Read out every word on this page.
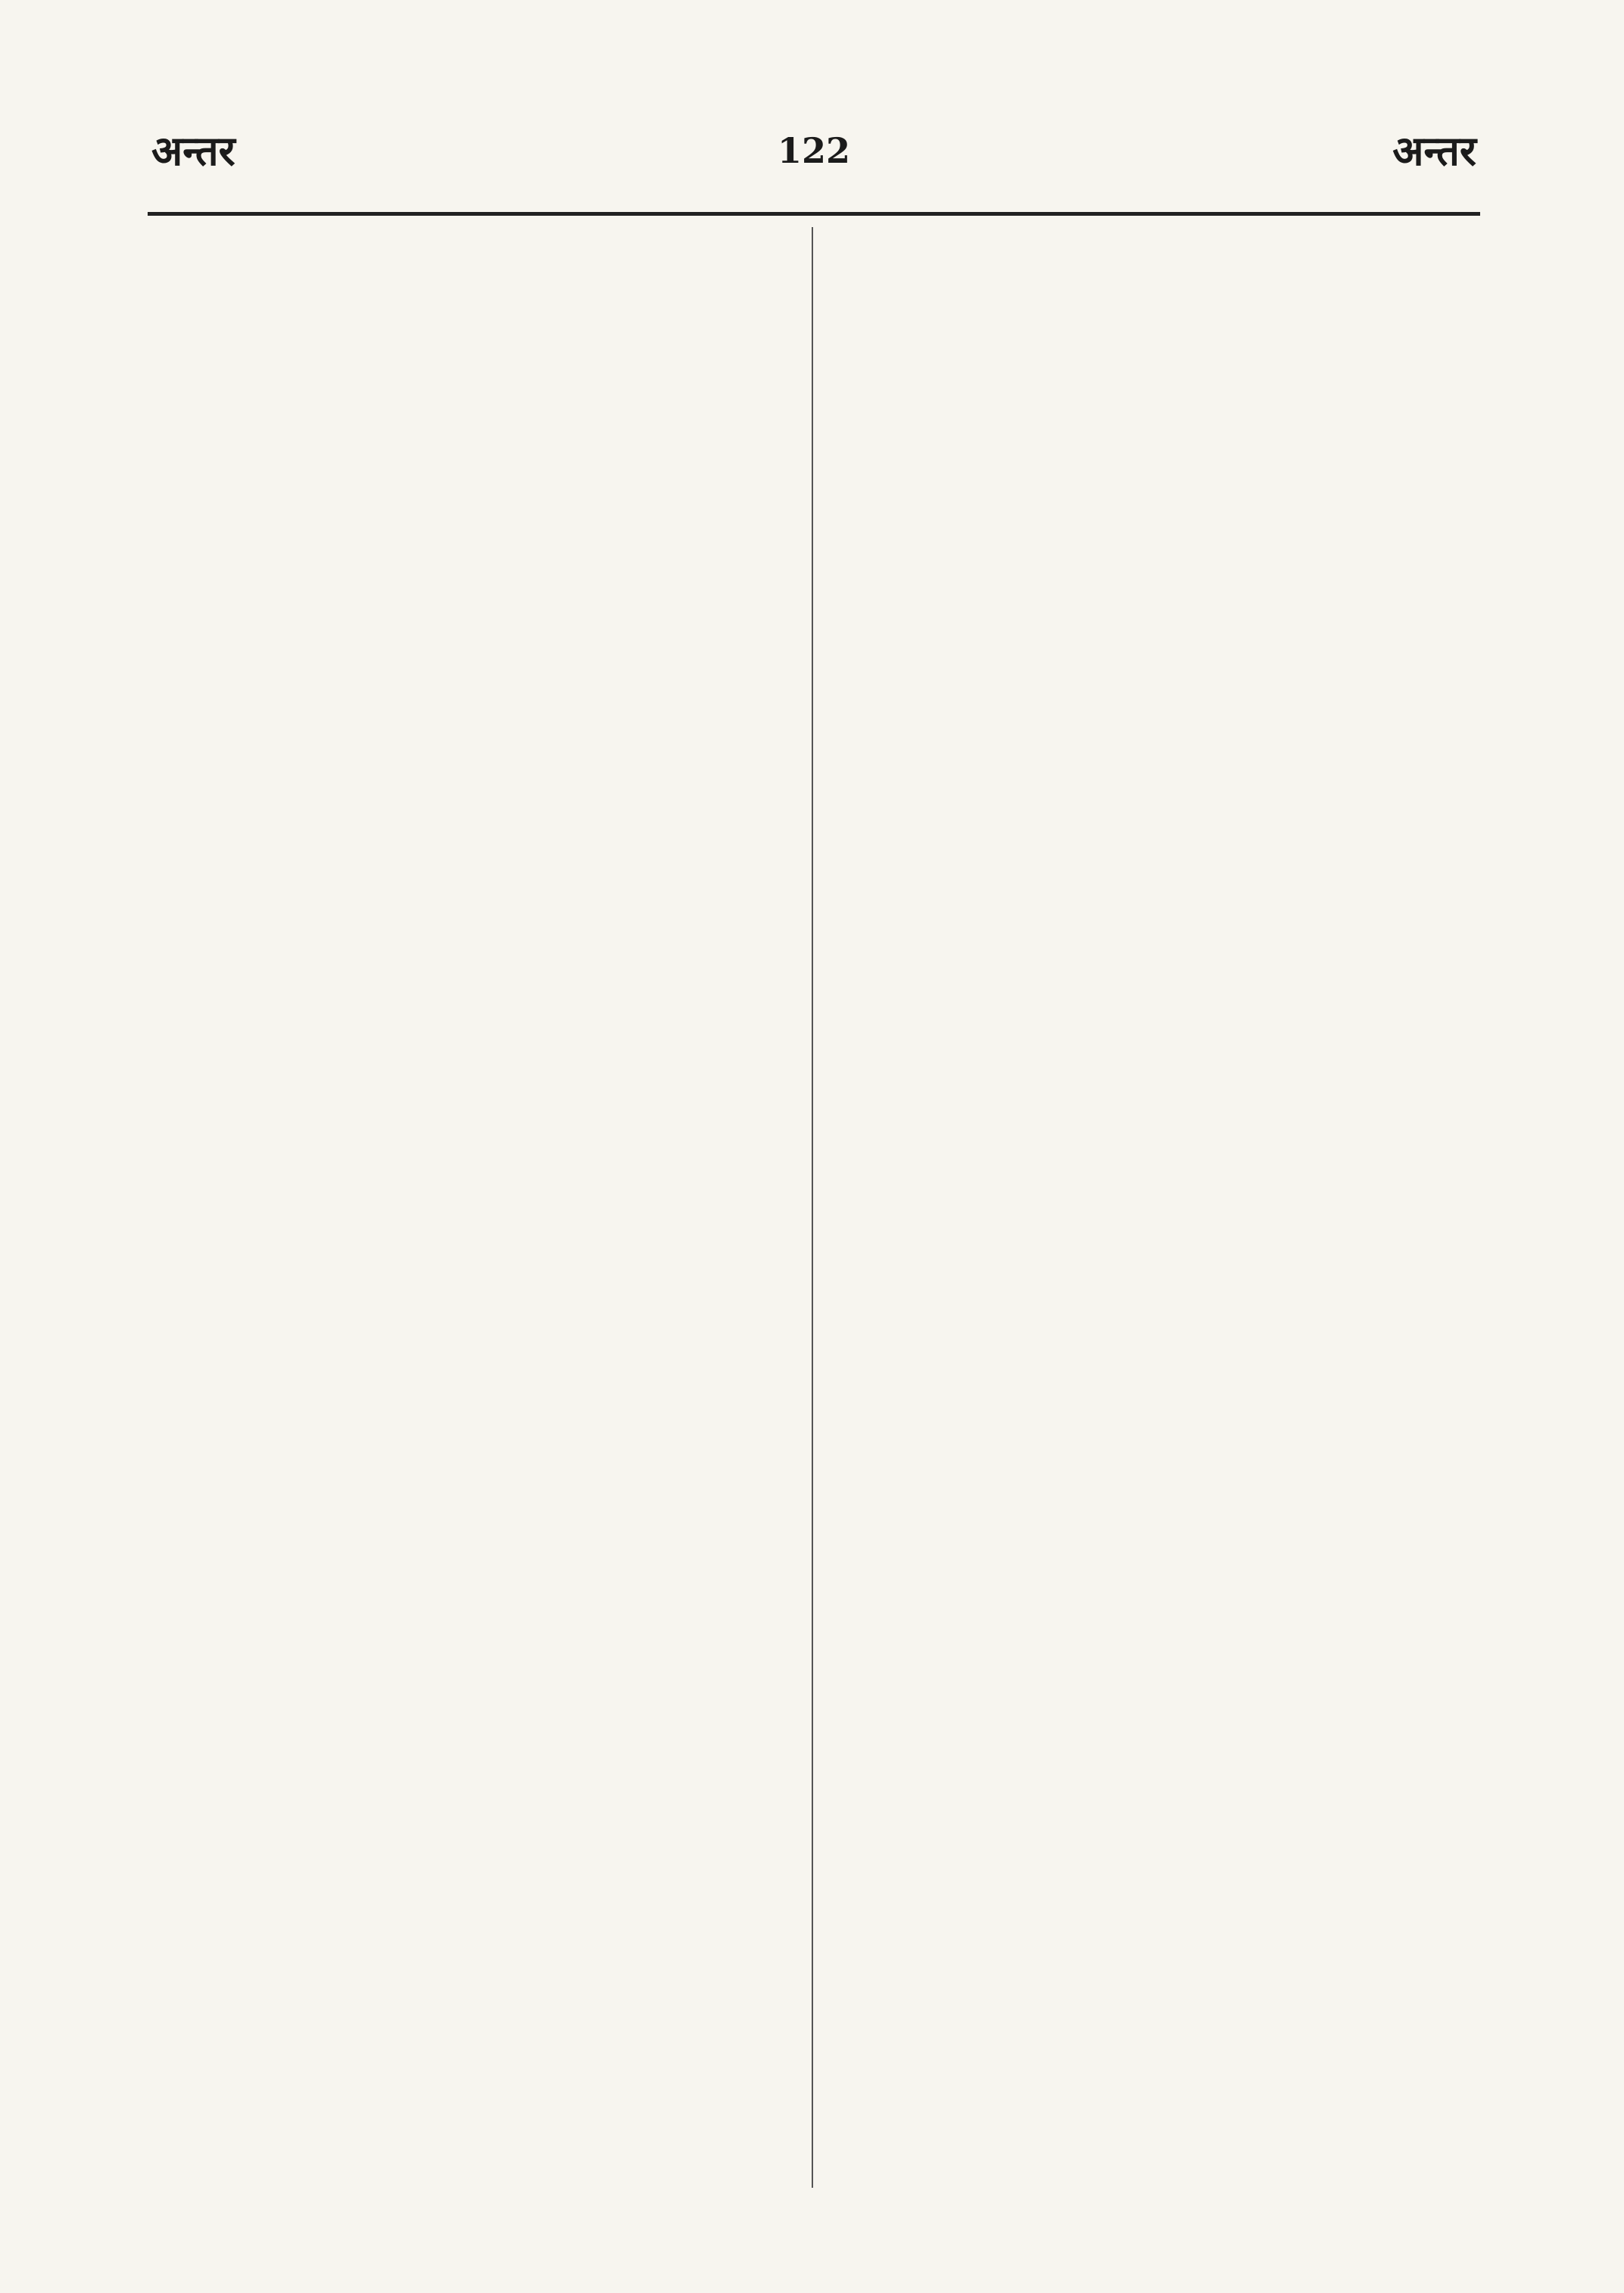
अन्तर	122	अन्तर
